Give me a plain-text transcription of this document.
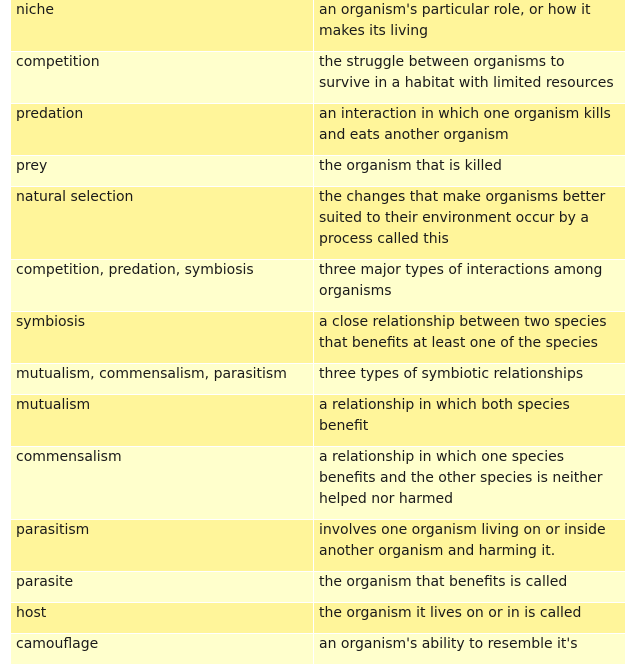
niche	an organism's particular role, or how it makes its living
competition	the struggle between organisms to survive in a habitat with limited resources
predation	an interaction in which one organism kills and eats another organism
prey	the organism that is killed
natural selection	the changes that make organisms better suited to their environment occur by a process called this
competition, predation, symbiosis	three major types of interactions among organisms
symbiosis	a close relationship between two species that benefits at least one of the species
mutualism, commensalism, parasitism	three types of symbiotic relationships
mutualism	a relationship in which both species benefit
commensalism	a relationship in which one species benefits and the other species is neither helped nor harmed
parasitism	involves one organism living on or inside another organism and harming it.
parasite	the organism that benefits is called
host	the organism it lives on or in is called
camouflage	an organism's ability to resemble it's
